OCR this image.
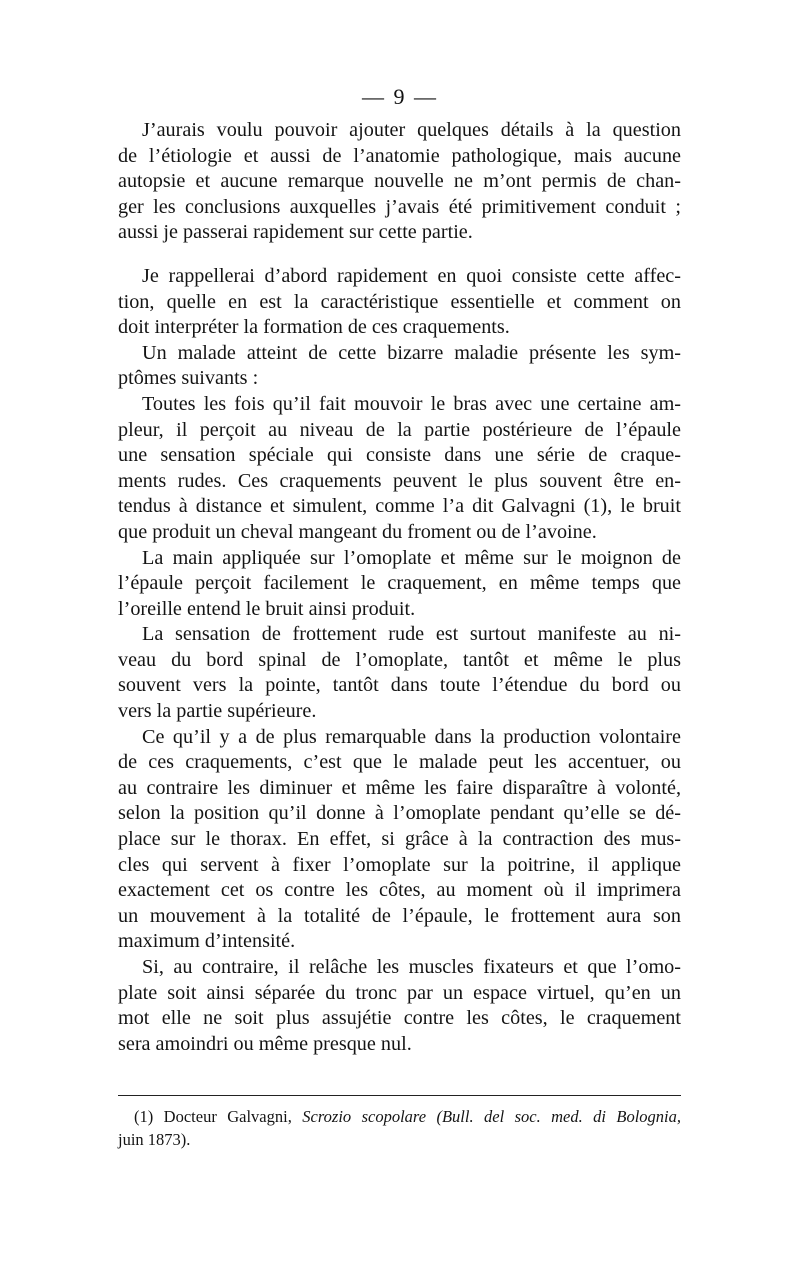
— 9 —
J’aurais voulu pouvoir ajouter quelques détails à la question
de l’étiologie et aussi de l’anatomie pathologique, mais aucune
autopsie et aucune remarque nouvelle ne m’ont permis de chan-
ger les conclusions auxquelles j’avais été primitivement conduit ;
aussi je passerai rapidement sur cette partie.
Je rappellerai d’abord rapidement en quoi consiste cette affec-
tion, quelle en est la caractéristique essentielle et comment on
doit interpréter la formation de ces craquements.
Un malade atteint de cette bizarre maladie présente les sym-
ptômes suivants :
Toutes les fois qu’il fait mouvoir le bras avec une certaine am-
pleur, il perçoit au niveau de la partie postérieure de l’épaule
une sensation spéciale qui consiste dans une série de craque-
ments rudes. Ces craquements peuvent le plus souvent être en-
tendus à distance et simulent, comme l’a dit Galvagni (1), le bruit
que produit un cheval mangeant du froment ou de l’avoine.
La main appliquée sur l’omoplate et même sur le moignon de
l’épaule perçoit facilement le craquement, en même temps que
l’oreille entend le bruit ainsi produit.
La sensation de frottement rude est surtout manifeste au ni-
veau du bord spinal de l’omoplate, tantôt et même le plus
souvent vers la pointe, tantôt dans toute l’étendue du bord ou
vers la partie supérieure.
Ce qu’il y a de plus remarquable dans la production volontaire
de ces craquements, c’est que le malade peut les accentuer, ou
au contraire les diminuer et même les faire disparaître à volonté,
selon la position qu’il donne à l’omoplate pendant qu’elle se dé-
place sur le thorax. En effet, si grâce à la contraction des mus-
cles qui servent à fixer l’omoplate sur la poitrine, il applique
exactement cet os contre les côtes, au moment où il imprimera
un mouvement à la totalité de l’épaule, le frottement aura son
maximum d’intensité.
Si, au contraire, il relâche les muscles fixateurs et que l’omo-
plate soit ainsi séparée du tronc par un espace virtuel, qu’en un
mot elle ne soit plus assujétie contre les côtes, le craquement
sera amoindri ou même presque nul.
(1) Docteur Galvagni, Scrozio scopolare (Bull. del soc. med. di Bolognia,
juin 1873).
